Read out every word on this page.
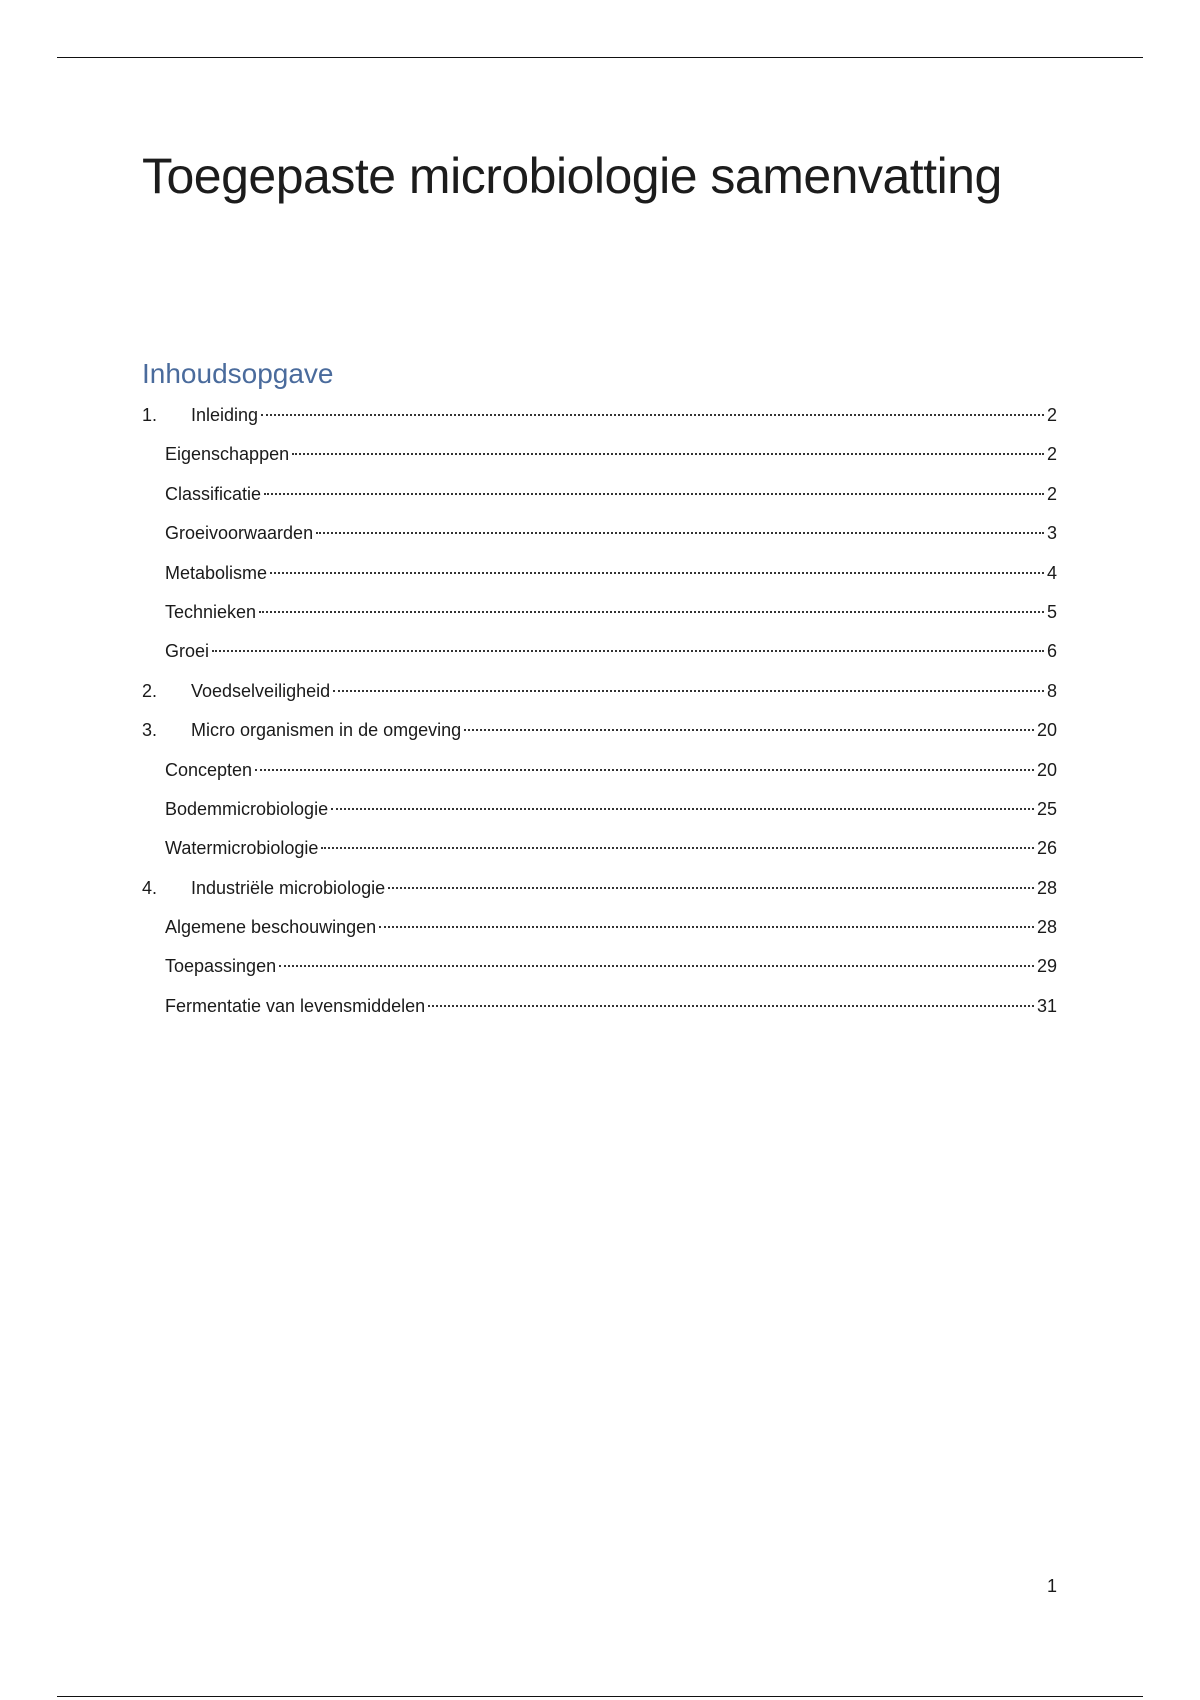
Toegepaste microbiologie samenvatting
Inhoudsopgave
1.	Inleiding	2
Eigenschappen	2
Classificatie	2
Groeivoorwaarden	3
Metabolisme	4
Technieken	5
Groei	6
2.	Voedselveiligheid	8
3.	Micro organismen in de omgeving	20
Concepten	20
Bodemmicrobiologie	25
Watermicrobiologie	26
4.	Industriële microbiologie	28
Algemene beschouwingen	28
Toepassingen	29
Fermentatie van levensmiddelen	31

1
